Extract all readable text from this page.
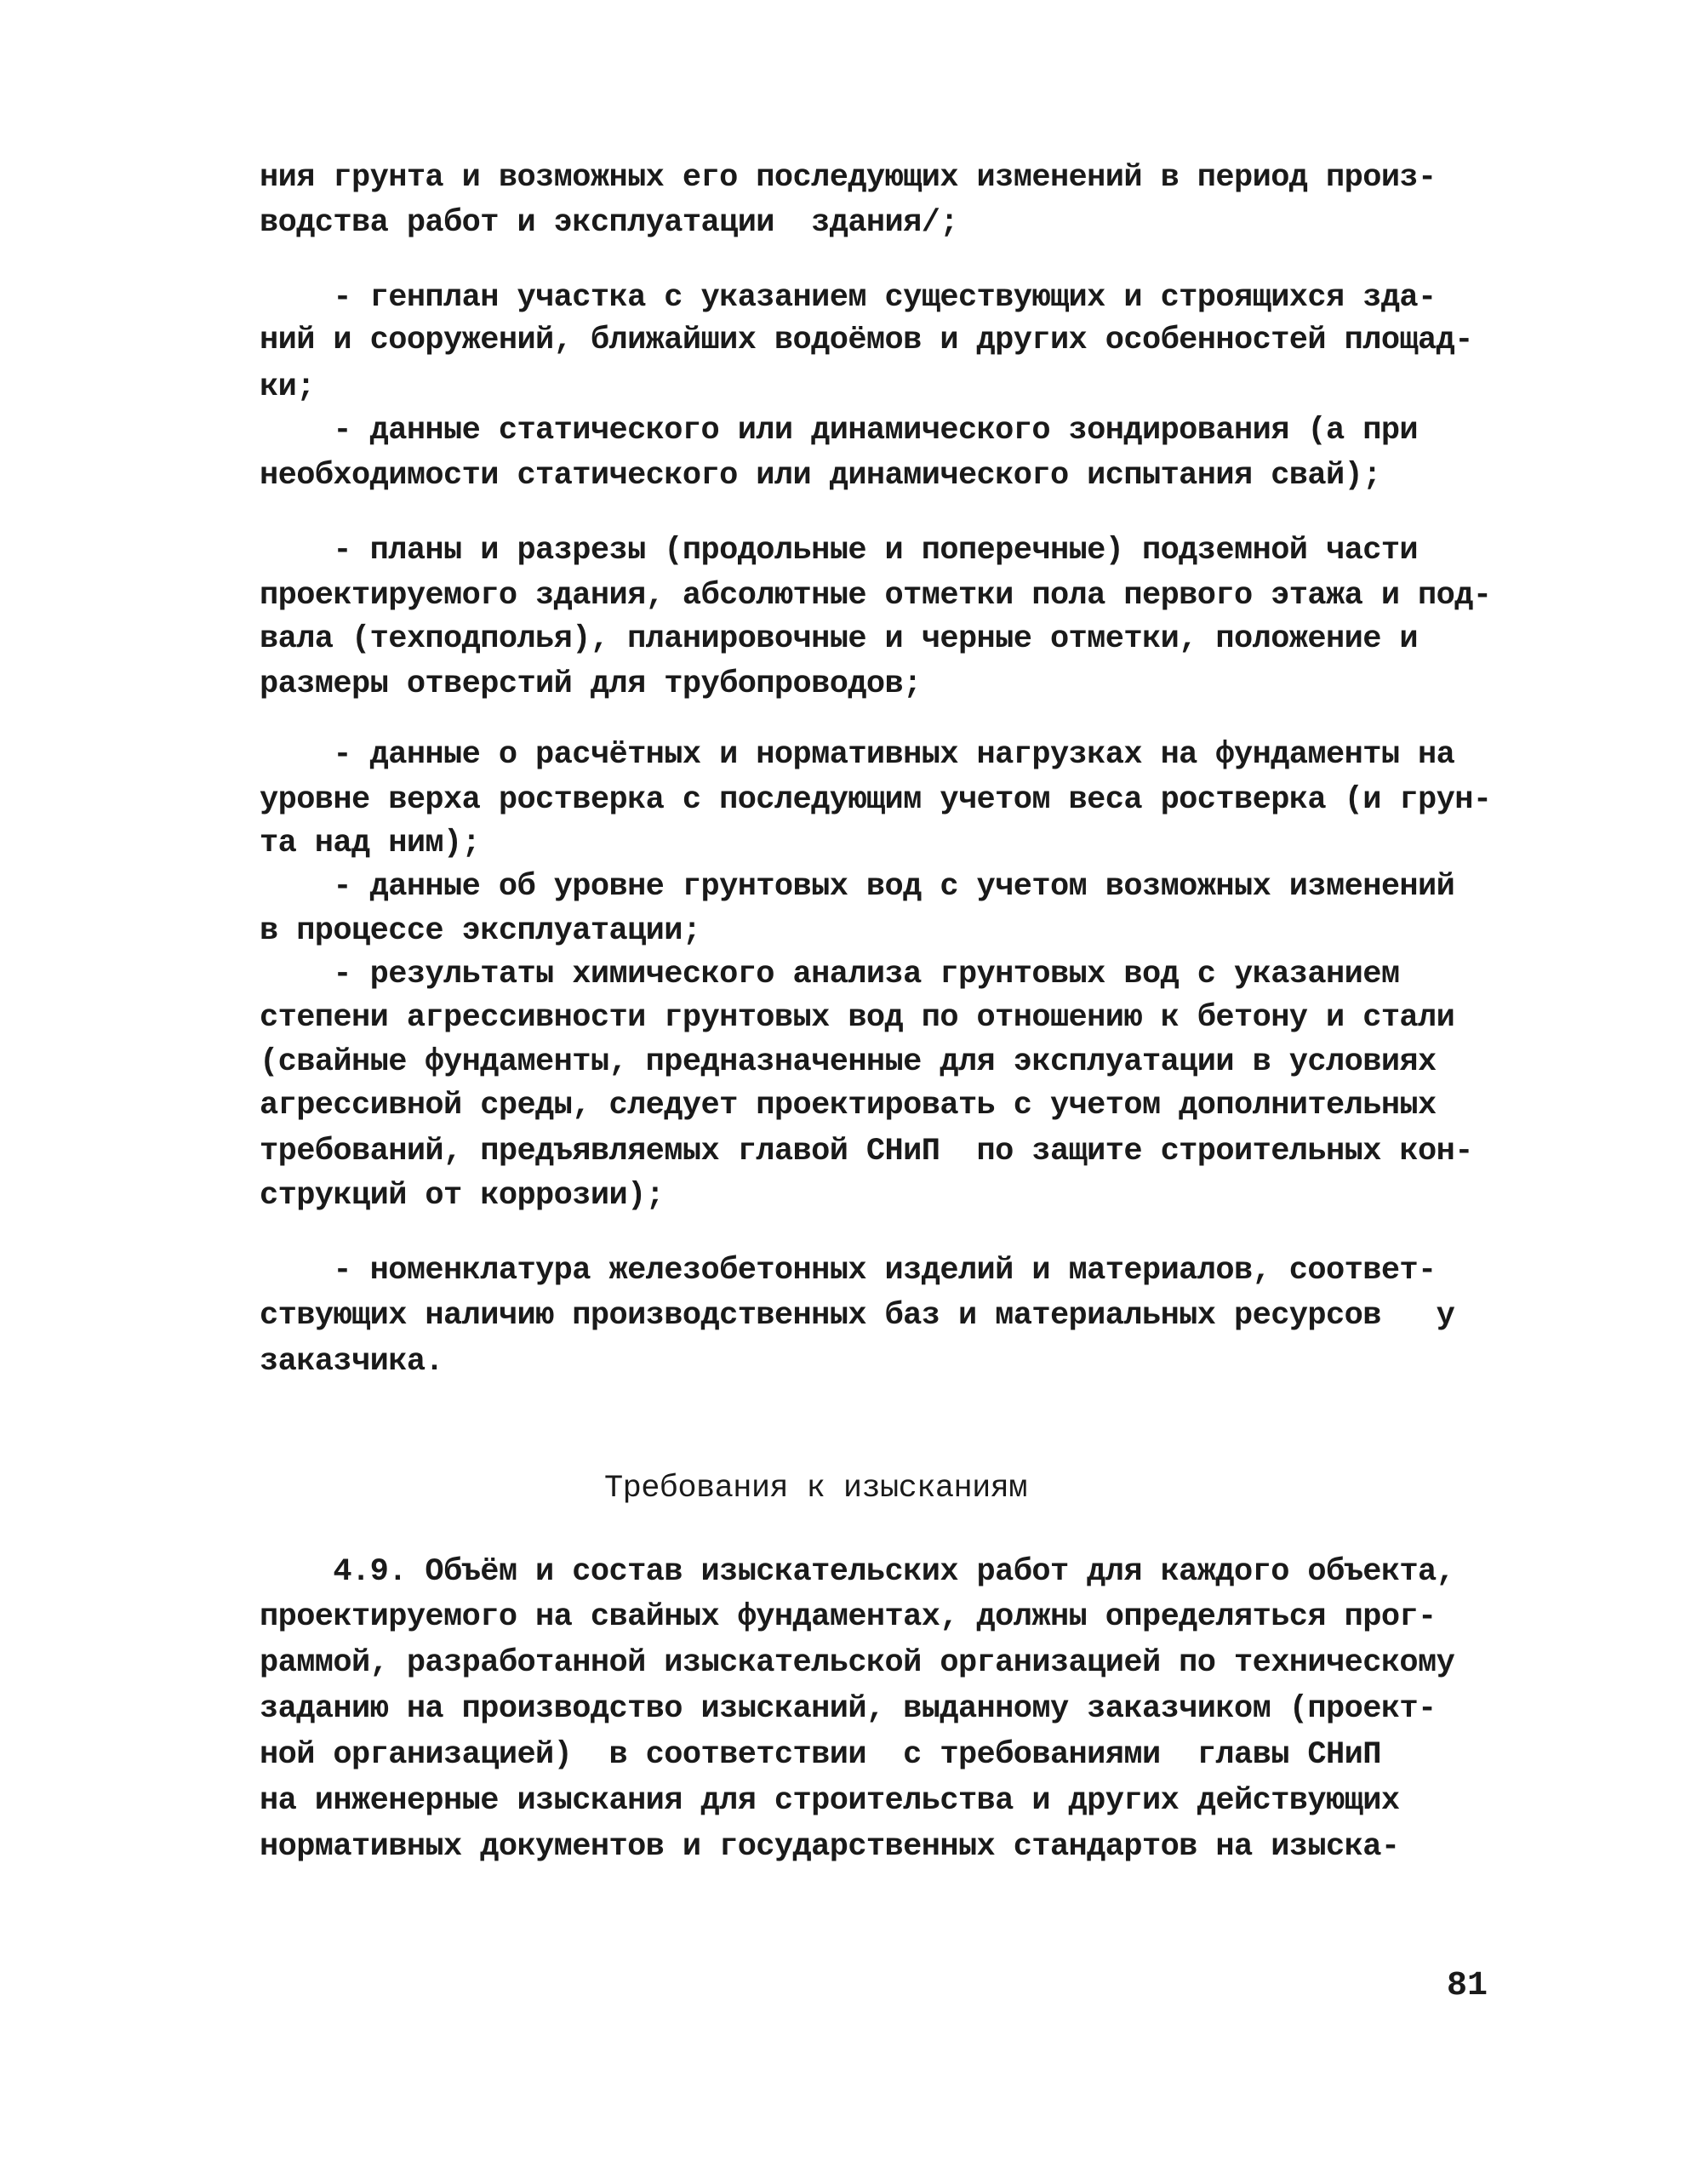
ния грунта и возможных его последующих изменений в период произ-
водства работ и эксплуатации  здания/;
- генплан участка с указанием существующих и строящихся зда-
ний и сооружений, ближайших водоёмов и других особенностей площад-
ки;
- данные статического или динамического зондирования (а при
необходимости статического или динамического испытания свай);
- планы и разрезы (продольные и поперечные) подземной части
проектируемого здания, абсолютные отметки пола первого этажа и под-
вала (техподполья), планировочные и черные отметки, положение и
размеры отверстий для трубопроводов;
- данные о расчётных и нормативных нагрузках на фундаменты на
уровне верха ростверка с последующим учетом веса ростверка (и грун-
та над ним);
- данные об уровне грунтовых вод с учетом возможных изменений
в процессе эксплуатации;
- результаты химического анализа грунтовых вод с указанием
степени агрессивности грунтовых вод по отношению к бетону и стали
(свайные фундаменты, предназначенные для эксплуатации в условиях
агрессивной среды, следует проектировать с учетом дополнительных
требований, предъявляемых главой СНиП  по защите строительных кон-
струкций от коррозии);
- номенклатура железобетонных изделий и материалов, соответ-
ствующих наличию производственных баз и материальных ресурсов   у
заказчика.
Требования к изысканиям
4.9. Объём и состав изыскательских работ для каждого объекта,
проектируемого на свайных фундаментах, должны определяться прог-
раммой, разработанной изыскательской организацией по техническому
заданию на производство изысканий, выданному заказчиком (проект-
ной организацией)  в соответствии  с требованиями  главы СНиП
на инженерные изыскания для строительства и других действующих
нормативных документов и государственных стандартов на изыска-
81
